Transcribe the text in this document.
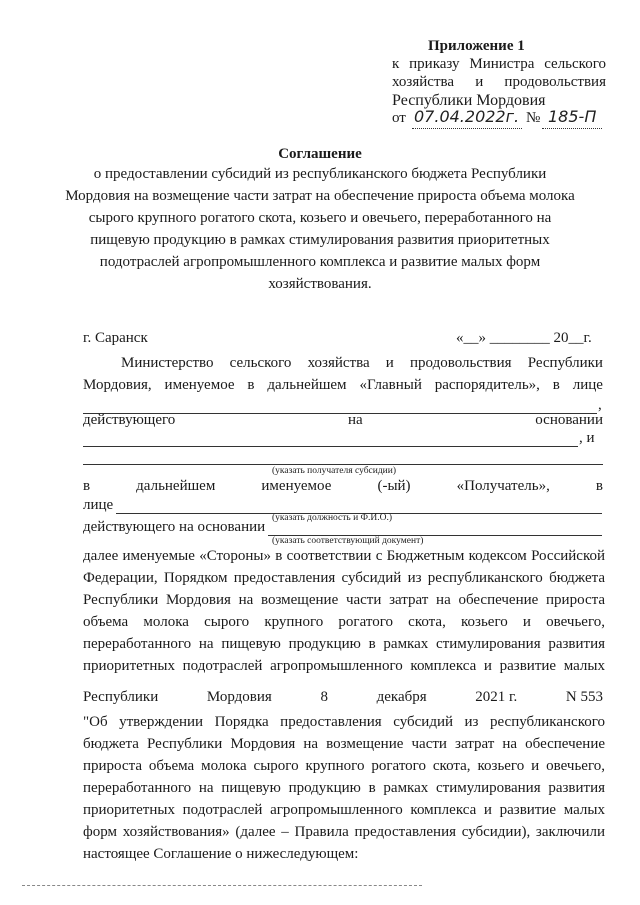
Приложение 1
к приказу Министра сельского
хозяйства и продовольствия
Республики Мордовия
от 07.04.2022г. № 185-П
Соглашение
о предоставлении субсидий из республиканского бюджета Республики Мордовия на возмещение части затрат на обеспечение прироста объема молока сырого крупного рогатого скота, козьего и овечьего, переработанного на пищевую продукцию в рамках стимулирования развития приоритетных подотраслей агропромышленного комплекса и развитие малых форм хозяйствования.
г. Саранск	«__» ________ 20__г.
Министерство сельского хозяйства и продовольствия Республики
Мордовия, именуемое в дальнейшем «Главный распорядитель», в лице
,
действующего	на	основании
, и
(указать получателя субсидии)
в	дальнейшем	именуемое	(-ый)	«Получатель»,	в
лице
(указать должность и Ф.И.О.)
действующего на основании
(указать соответствующий документ)
далее именуемые «Стороны» в соответствии с Бюджетным кодексом Российской Федерации, Порядком предоставления субсидий из республиканского бюджета Республики Мордовия на возмещение части затрат на обеспечение прироста объема молока сырого крупного рогатого скота, козьего и овечьего, переработанного на пищевую продукцию в рамках стимулирования развития приоритетных подотраслей агропромышленного комплекса и развитие малых
Республики	Мордовия	8	декабря	2021 г.	N 553
"Об утверждении Порядка предоставления субсидий из республиканского бюджета Республики Мордовия на возмещение части затрат на обеспечение прироста объема молока сырого крупного рогатого скота, козьего и овечьего, переработанного на пищевую продукцию в рамках стимулирования развития приоритетных подотраслей агропромышленного комплекса и развитие малых форм хозяйствования» (далее – Правила предоставления субсидии), заключили настоящее Соглашение о нижеследующем:
